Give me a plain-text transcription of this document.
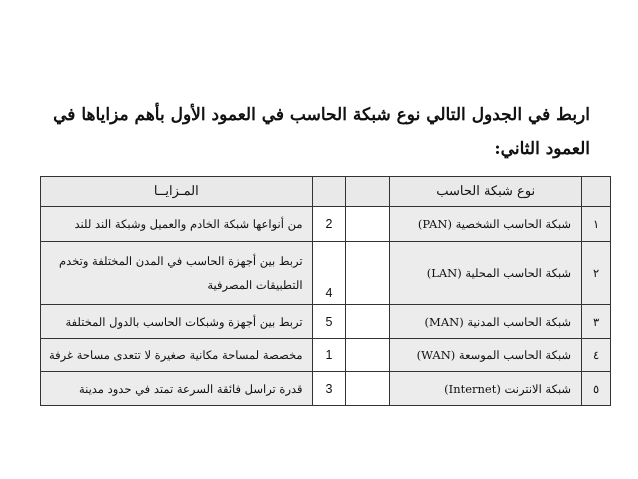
اربط في الجدول التالي نوع شبكة الحاسب في العمود الأول بأهم مزاياها في العمود الثاني:
	نوع شبكة الحاسب			المـزايــا
١	شبكة الحاسب الشخصية (PAN)		2	من أنواعها شبكة الخادم والعميل وشبكة الند للند
٢	شبكة الحاسب المحلية (LAN)		4	تربط بين أجهزة الحاسب في المدن المختلفة وتخدم التطبيقات المصرفية
٣	شبكة الحاسب المدنية (MAN)		5	تربط بين أجهزة وشبكات الحاسب بالدول المختلفة
٤	شبكة الحاسب الموسعة (WAN)		1	مخصصة لمساحة مكانية صغيرة لا تتعدى مساحة غرفة
٥	شبكة الانترنت (Internet)		3	قدرة تراسل فائقة السرعة تمتد في حدود مدينة
